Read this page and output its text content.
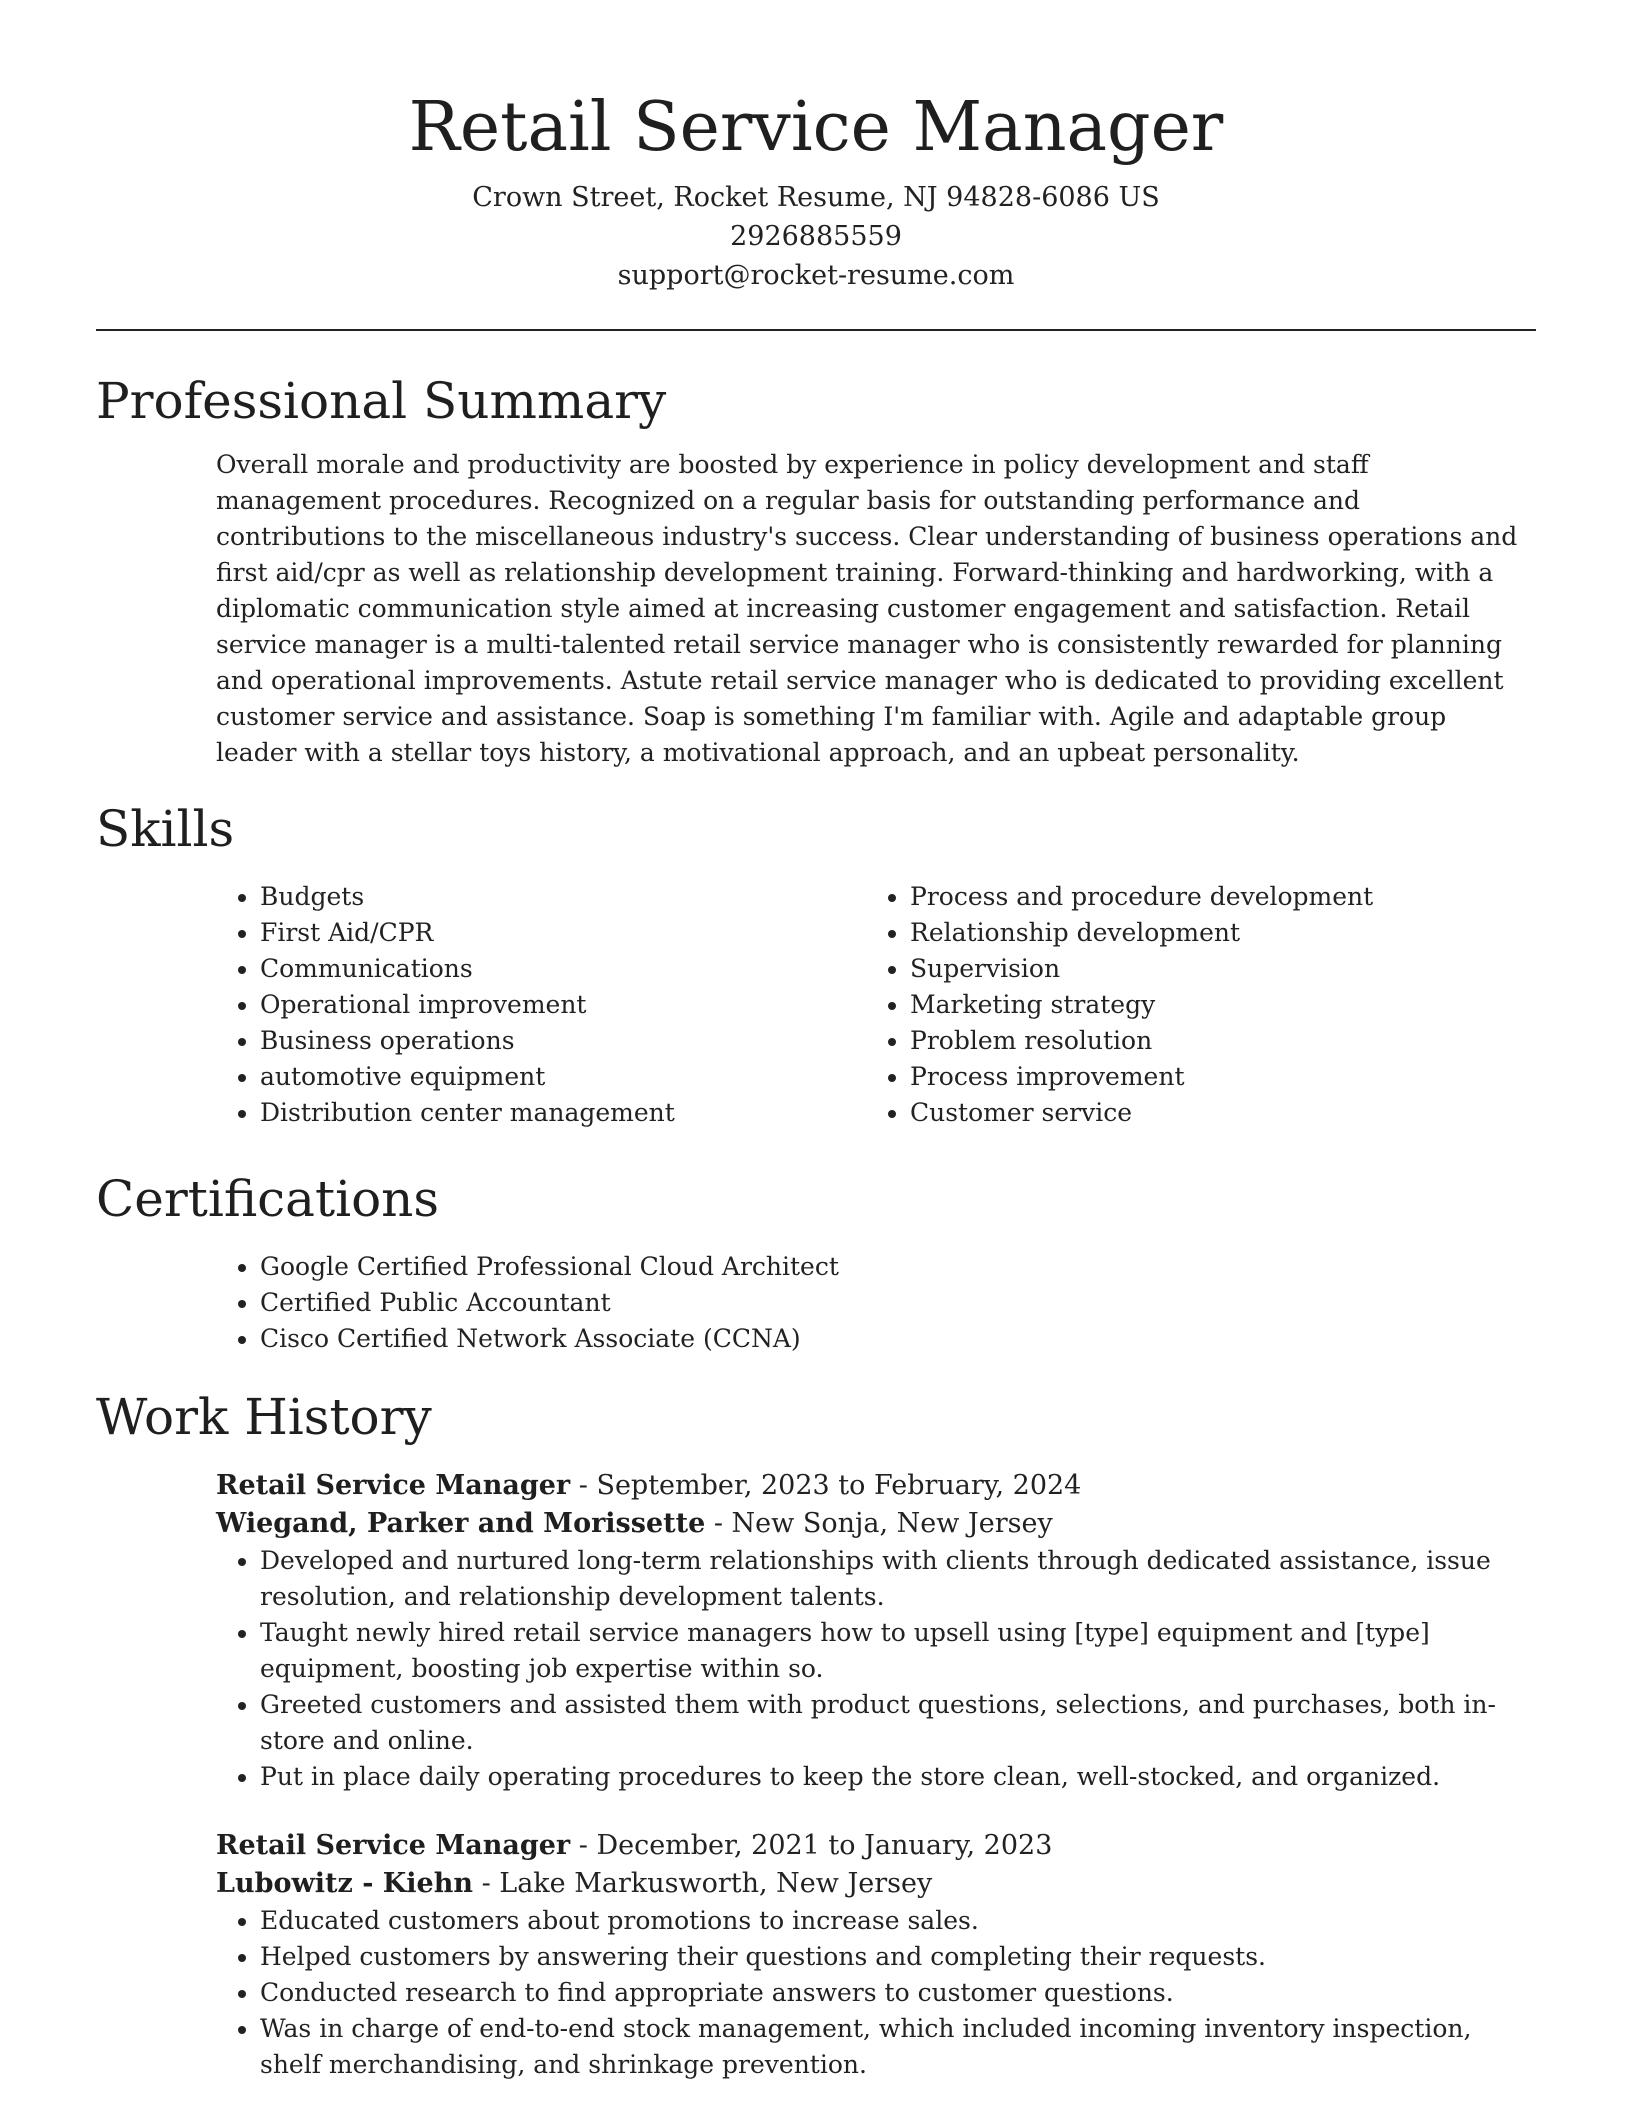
Retail Service Manager
Crown Street, Rocket Resume, NJ 94828-6086 US
2926885559
support@rocket-resume.com
Professional Summary
Overall morale and productivity are boosted by experience in policy development and staff management procedures. Recognized on a regular basis for outstanding performance and contributions to the miscellaneous industry's success. Clear understanding of business operations and first aid/cpr as well as relationship development training. Forward-thinking and hardworking, with a diplomatic communication style aimed at increasing customer engagement and satisfaction. Retail service manager is a multi-talented retail service manager who is consistently rewarded for planning and operational improvements. Astute retail service manager who is dedicated to providing excellent customer service and assistance. Soap is something I'm familiar with. Agile and adaptable group leader with a stellar toys history, a motivational approach, and an upbeat personality.
Skills
• Budgets
• First Aid/CPR
• Communications
• Operational improvement
• Business operations
• automotive equipment
• Distribution center management
• Process and procedure development
• Relationship development
• Supervision
• Marketing strategy
• Problem resolution
• Process improvement
• Customer service
Certifications
• Google Certified Professional Cloud Architect
• Certified Public Accountant
• Cisco Certified Network Associate (CCNA)
Work History
Retail Service Manager - September, 2023 to February, 2024
Wiegand, Parker and Morissette - New Sonja, New Jersey
• Developed and nurtured long-term relationships with clients through dedicated assistance, issue resolution, and relationship development talents.
• Taught newly hired retail service managers how to upsell using [type] equipment and [type] equipment, boosting job expertise within so.
• Greeted customers and assisted them with product questions, selections, and purchases, both in-store and online.
• Put in place daily operating procedures to keep the store clean, well-stocked, and organized.
Retail Service Manager - December, 2021 to January, 2023
Lubowitz - Kiehn - Lake Markusworth, New Jersey
• Educated customers about promotions to increase sales.
• Helped customers by answering their questions and completing their requests.
• Conducted research to find appropriate answers to customer questions.
• Was in charge of end-to-end stock management, which included incoming inventory inspection, shelf merchandising, and shrinkage prevention.
